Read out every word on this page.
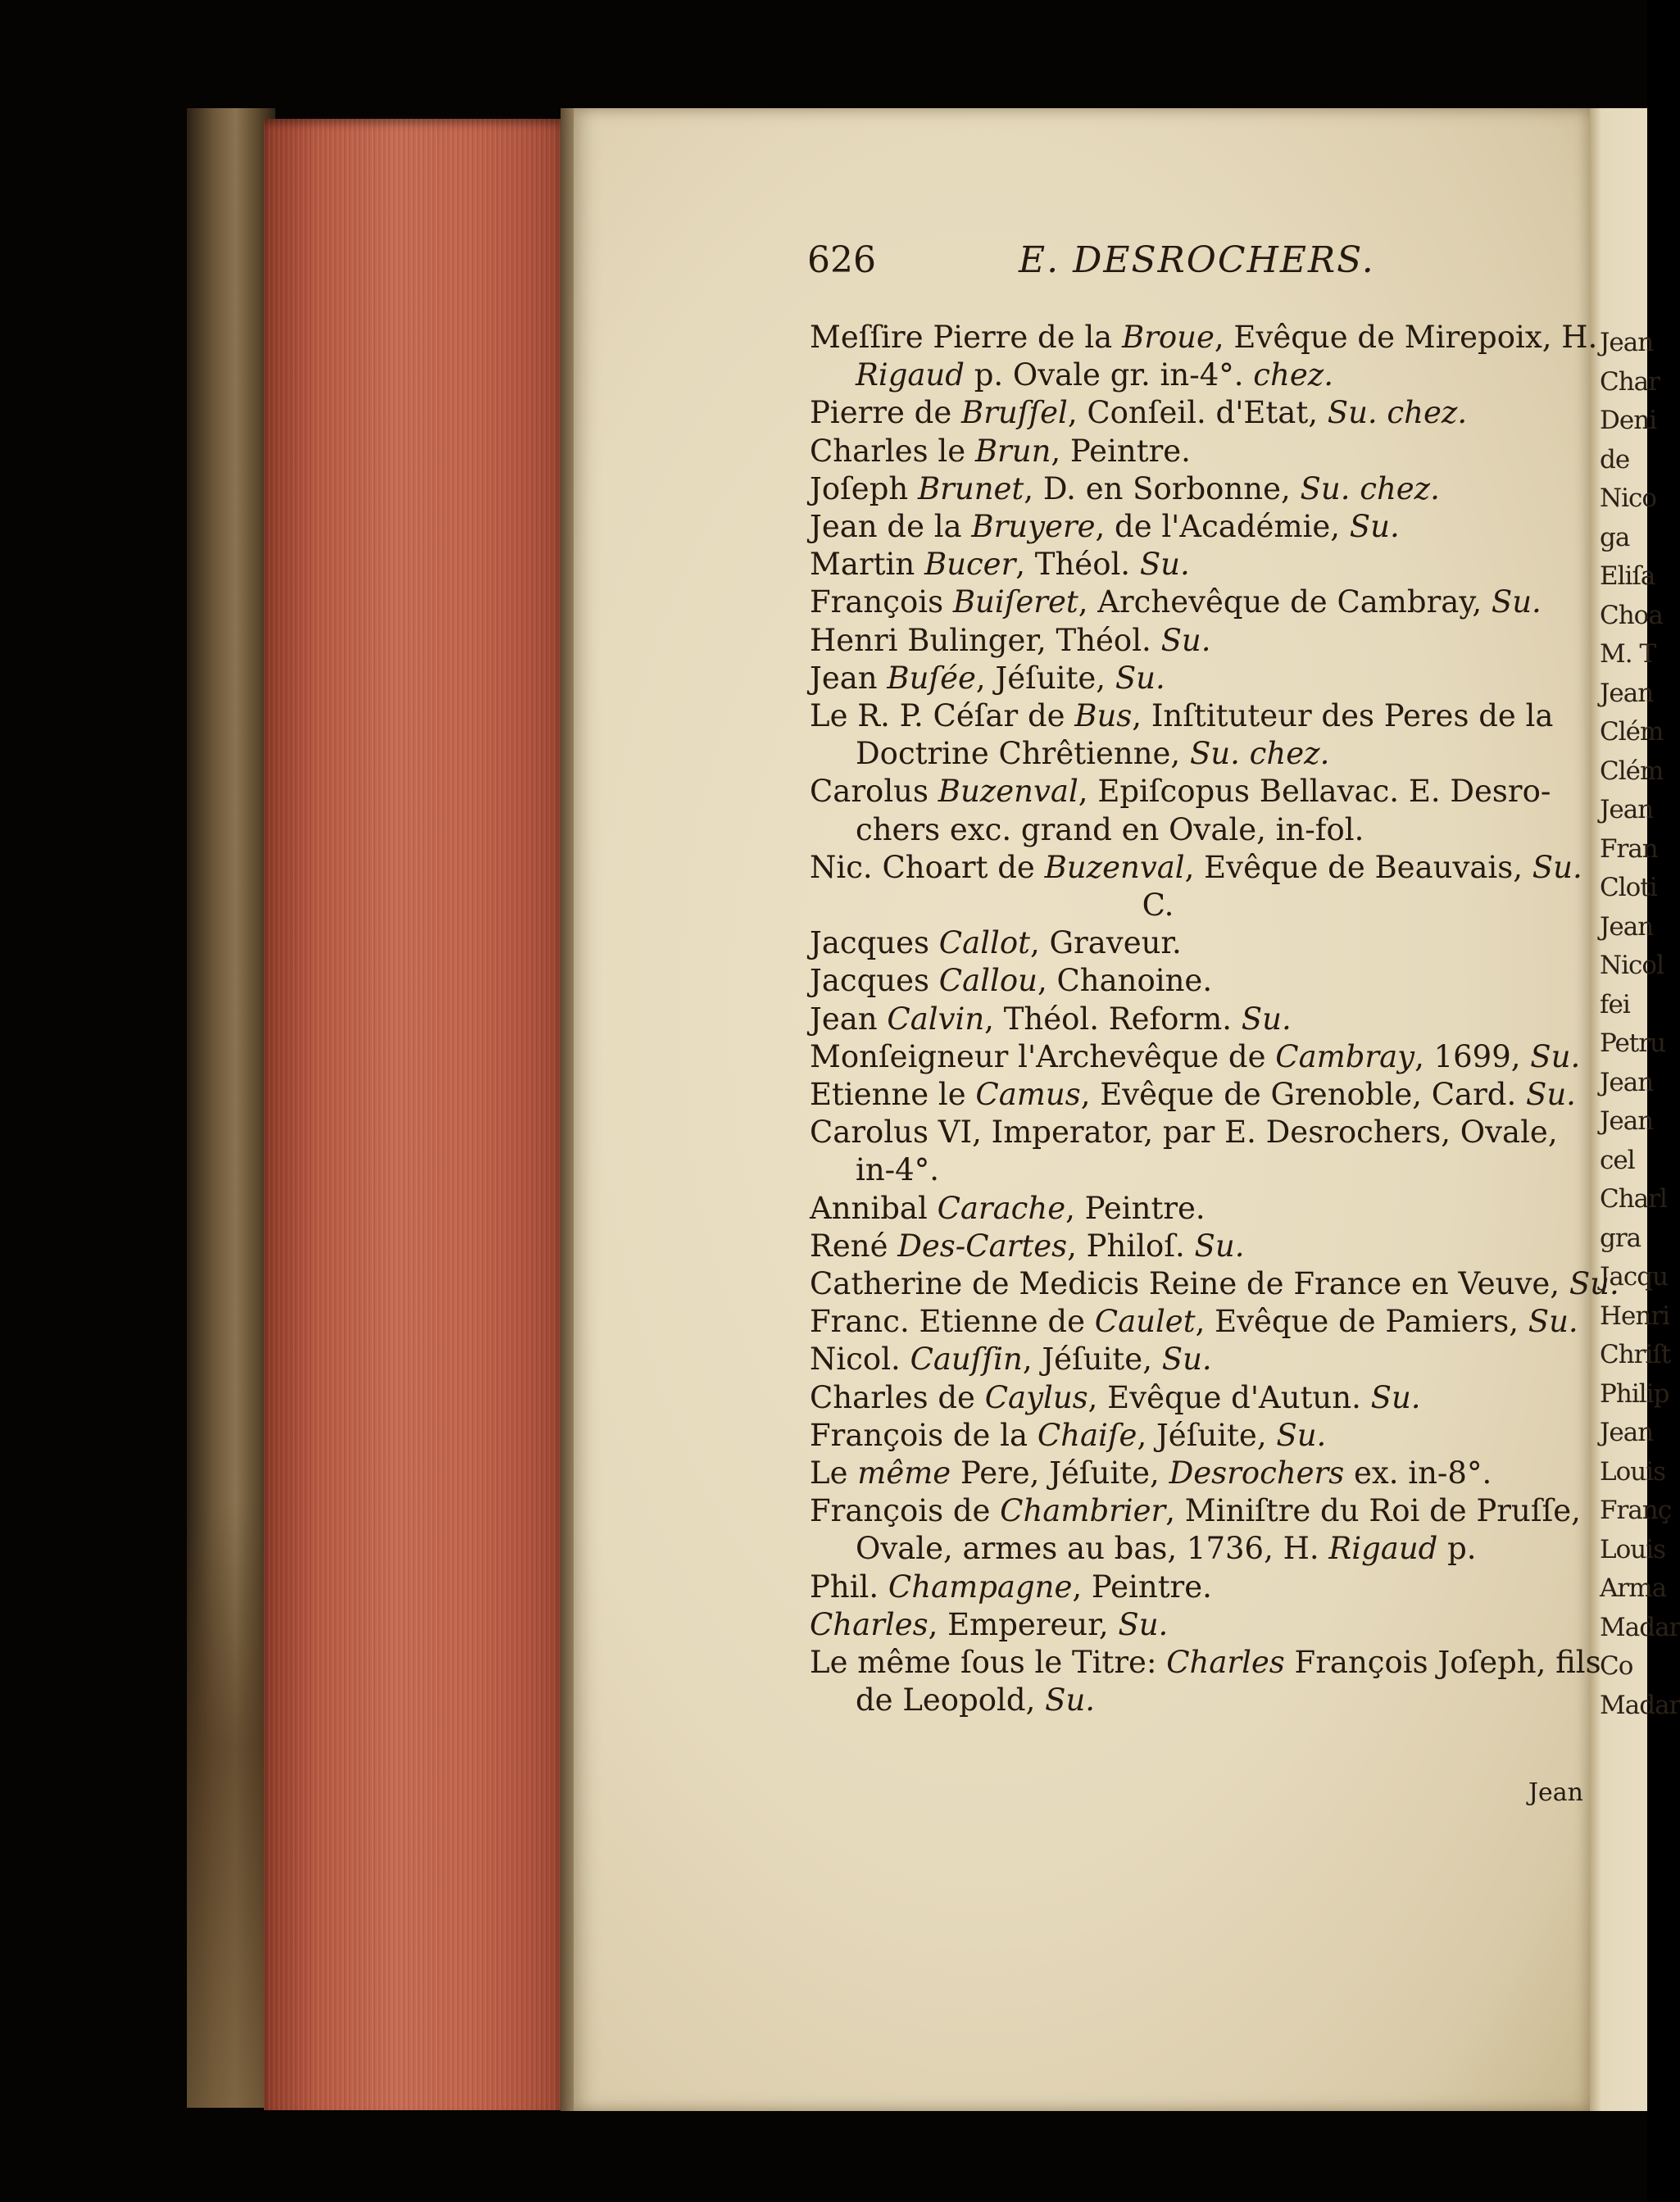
Jean
Char
Deni
de
Nico
ga
Eliſa
Choa
M. T
Jean
Clém
Clém
Jean
Fran
Cloti
Jean
Nicol
fei
Petru
Jean
Jean
cel
Charl
gra
Jacqu
Henri
Chriſt
Philip
Jean
Louis
Franç
Louis
Arma
Madar
Co
Madar
626	E. DESROCHERS.
Meſſire Pierre de la Broue, Evêque de Mirepoix, H.
Rigaud p. Ovale gr. in-4°. chez.
Pierre de Bruſſel, Conſeil. d'Etat, Su. chez.
Charles le Brun, Peintre.
Joſeph Brunet, D. en Sorbonne, Su. chez.
Jean de la Bruyere, de l'Académie, Su.
Martin Bucer, Théol. Su.
François Buiſeret, Archevêque de Cambray, Su.
Henri Bulinger, Théol. Su.
Jean Buſée, Jéſuite, Su.
Le R. P. Céſar de Bus, Inſtituteur des Peres de la
Doctrine Chrêtienne, Su. chez.
Carolus Buzenval, Epiſcopus Bellavac. E. Desro-
chers exc. grand en Ovale, in-fol.
Nic. Choart de Buzenval, Evêque de Beauvais, Su.
C.
Jacques Callot, Graveur.
Jacques Callou, Chanoine.
Jean Calvin, Théol. Reform. Su.
Monſeigneur l'Archevêque de Cambray, 1699, Su.
Etienne le Camus, Evêque de Grenoble, Card. Su.
Carolus VI, Imperator, par E. Desrochers, Ovale,
in-4°.
Annibal Carache, Peintre.
René Des-Cartes, Philoſ. Su.
Catherine de Medicis Reine de France en Veuve, Su.
Franc. Etienne de Caulet, Evêque de Pamiers, Su.
Nicol. Cauſſin, Jéſuite, Su.
Charles de Caylus, Evêque d'Autun. Su.
François de la Chaiſe, Jéſuite, Su.
Le même Pere, Jéſuite, Desrochers ex. in-8°.
François de Chambrier, Miniſtre du Roi de Pruſſe,
Ovale, armes au bas, 1736, H. Rigaud p.
Phil. Champagne, Peintre.
Charles, Empereur, Su.
Le même ſous le Titre: Charles François Joſeph, fils
de Leopold, Su.
Jean
